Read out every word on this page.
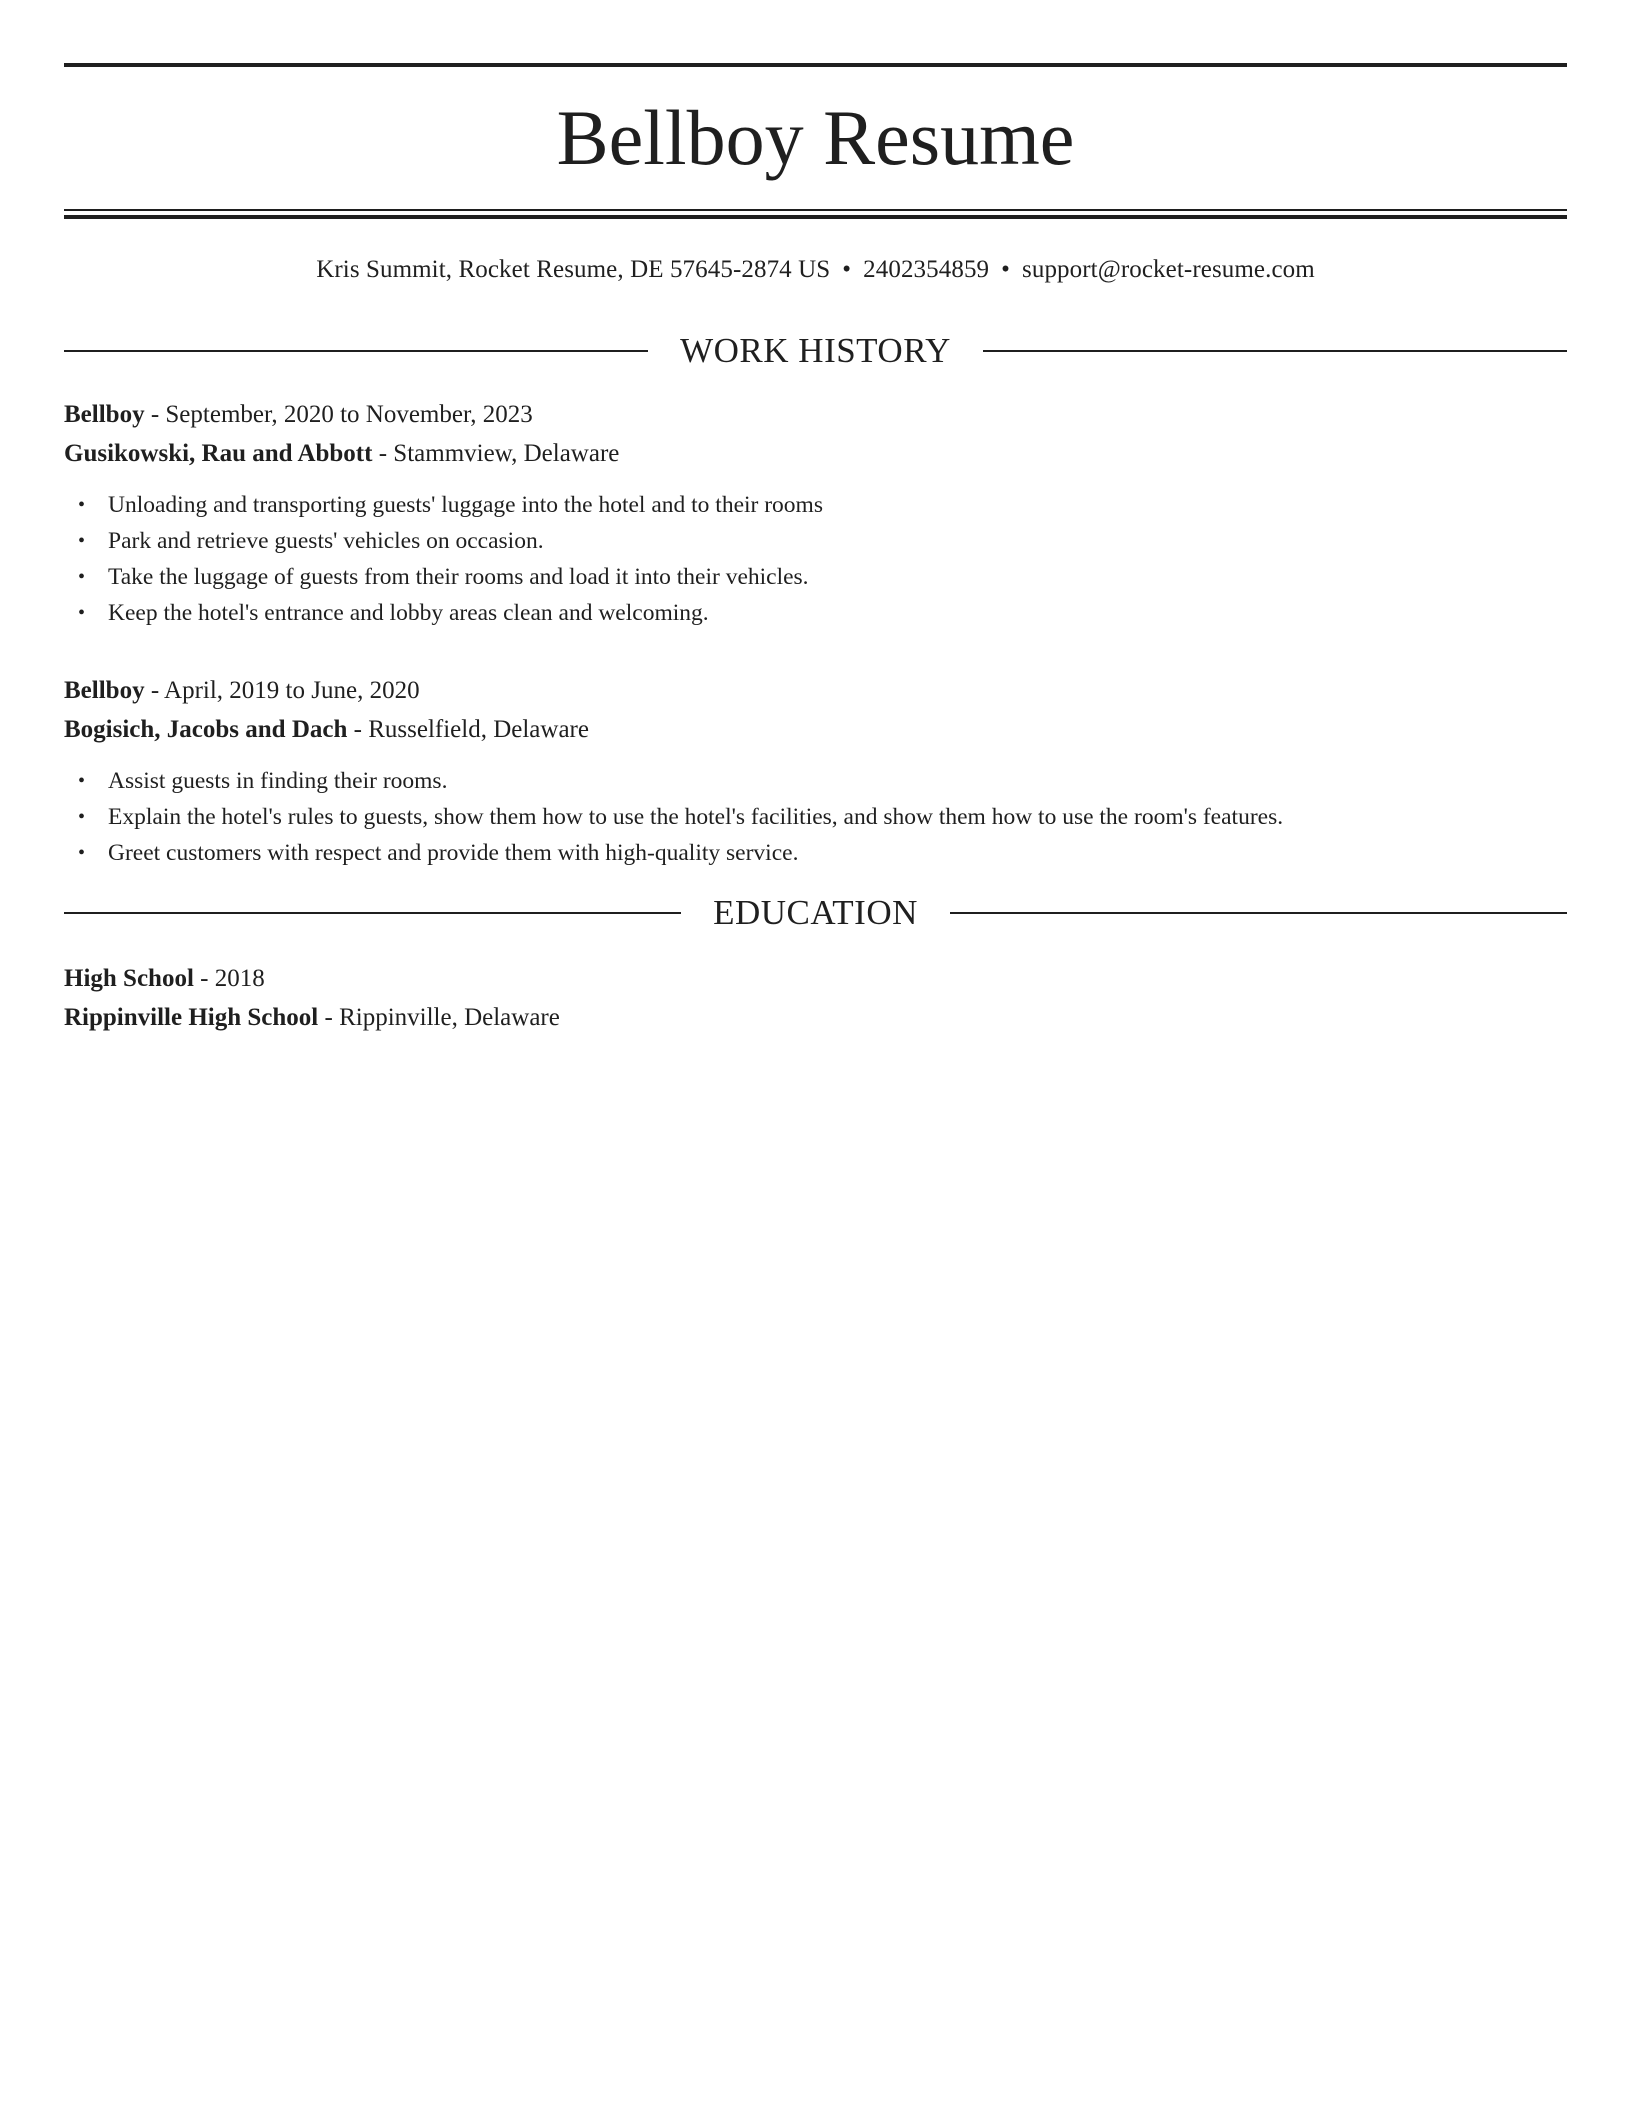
Bellboy Resume
Kris Summit, Rocket Resume, DE 57645-2874 US • 2402354859 • support@rocket-resume.com
WORK HISTORY
Bellboy - September, 2020 to November, 2023
Gusikowski, Rau and Abbott - Stammview, Delaware
• Unloading and transporting guests' luggage into the hotel and to their rooms
• Park and retrieve guests' vehicles on occasion.
• Take the luggage of guests from their rooms and load it into their vehicles.
• Keep the hotel's entrance and lobby areas clean and welcoming.
Bellboy - April, 2019 to June, 2020
Bogisich, Jacobs and Dach - Russelfield, Delaware
• Assist guests in finding their rooms.
• Explain the hotel's rules to guests, show them how to use the hotel's facilities, and show them how to use the room's features.
• Greet customers with respect and provide them with high-quality service.
EDUCATION
High School - 2018
Rippinville High School - Rippinville, Delaware
